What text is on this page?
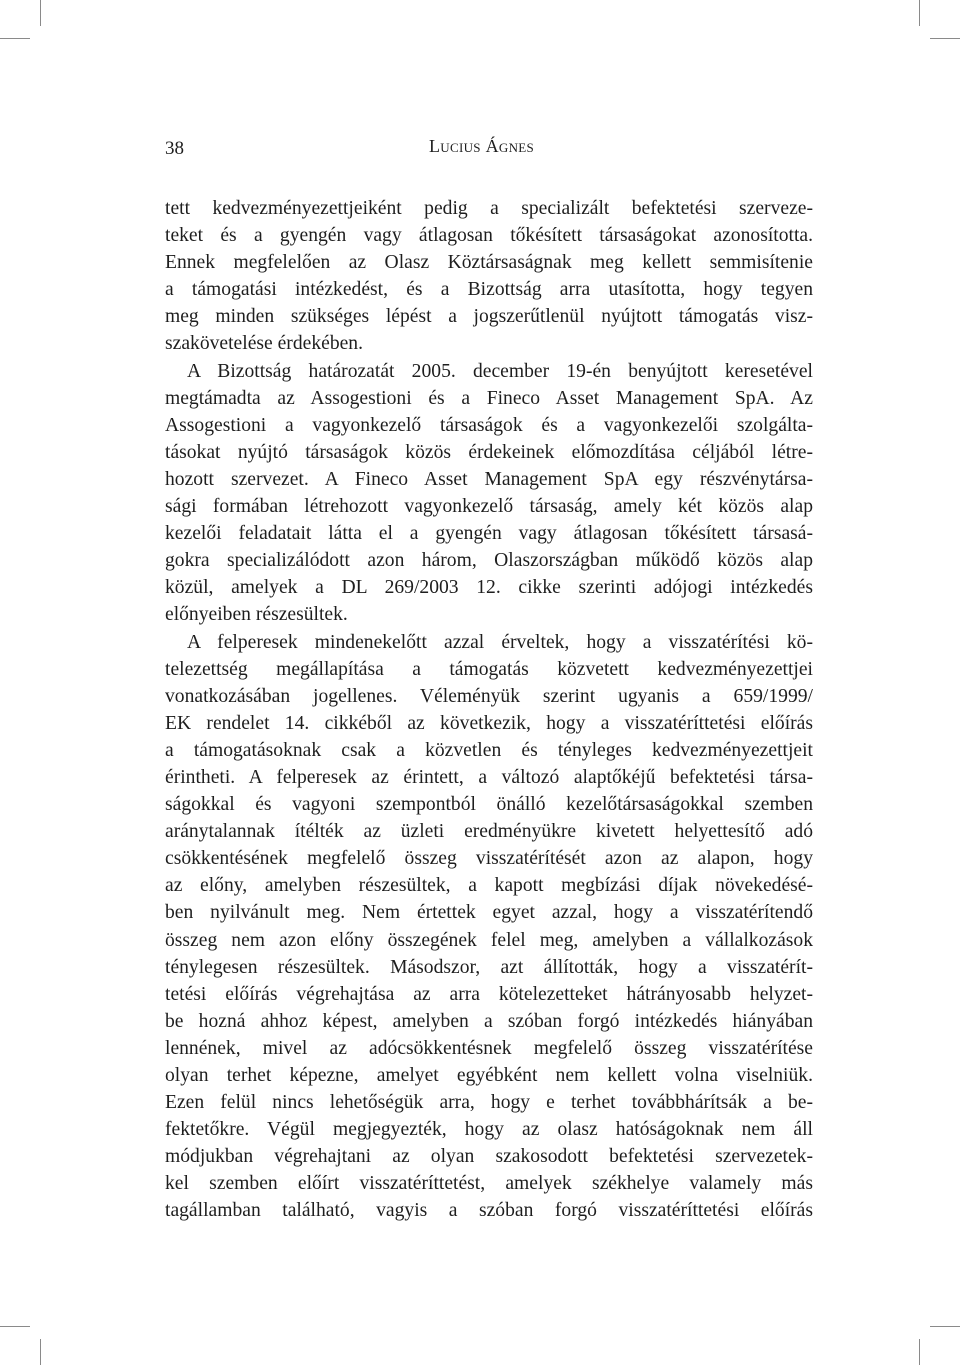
38	Lucius Ágnes
tett kedvezményezettjeiként pedig a specializált befektetési szerveze-
teket és a gyengén vagy átlagosan tőkésített társaságokat azonosította.
Ennek megfelelően az Olasz Köztársaságnak meg kellett semmisítenie
a támogatási intézkedést, és a Bizottság arra utasította, hogy tegyen
meg minden szükséges lépést a jogszerűtlenül nyújtott támogatás visz-
szakövetelése érdekében.
A Bizottság határozatát 2005. december 19-én benyújtott keresetével
megtámadta az Assogestioni és a Fineco Asset Management SpA. Az
Assogestioni a vagyonkezelő társaságok és a vagyonkezelői szolgálta-
tásokat nyújtó társaságok közös érdekeinek előmozdítása céljából létre-
hozott szervezet. A Fineco Asset Management SpA egy részvénytársa-
sági formában létrehozott vagyonkezelő társaság, amely két közös alap
kezelői feladatait látta el a gyengén vagy átlagosan tőkésített társasá-
gokra specializálódott azon három, Olaszországban működő közös alap
közül, amelyek a DL 269/2003 12. cikke szerinti adójogi intézkedés
előnyeiben részesültek.
A felperesek mindenekelőtt azzal érveltek, hogy a visszatérítési kö-
telezettség megállapítása a támogatás közvetett kedvezményezettjei
vonatkozásában jogellenes. Véleményük szerint ugyanis a 659/1999/
EK rendelet 14. cikkéből az következik, hogy a visszatéríttetési előírás
a támogatásoknak csak a közvetlen és tényleges kedvezményezettjeit
érintheti. A felperesek az érintett, a változó alaptőkéjű befektetési társa-
ságokkal és vagyoni szempontból önálló kezelőtársaságokkal szemben
aránytalannak ítélték az üzleti eredményükre kivetett helyettesítő adó
csökkentésének megfelelő összeg visszatérítését azon az alapon, hogy
az előny, amelyben részesültek, a kapott megbízási díjak növekedésé-
ben nyilvánult meg. Nem értettek egyet azzal, hogy a visszatérítendő
összeg nem azon előny összegének felel meg, amelyben a vállalkozások
ténylegesen részesültek. Másodszor, azt állították, hogy a visszatérít-
tetési előírás végrehajtása az arra kötelezetteket hátrányosabb helyzet-
be hozná ahhoz képest, amelyben a szóban forgó intézkedés hiányában
lennének, mivel az adócsökkentésnek megfelelő összeg visszatérítése
olyan terhet képezne, amelyet egyébként nem kellett volna viselniük.
Ezen felül nincs lehetőségük arra, hogy e terhet továbbhárítsák a be-
fektetőkre. Végül megjegyezték, hogy az olasz hatóságoknak nem áll
módjukban végrehajtani az olyan szakosodott befektetési szervezetek-
kel szemben előírt visszatéríttetést, amelyek székhelye valamely más
tagállamban található, vagyis a szóban forgó visszatéríttetési előírás
